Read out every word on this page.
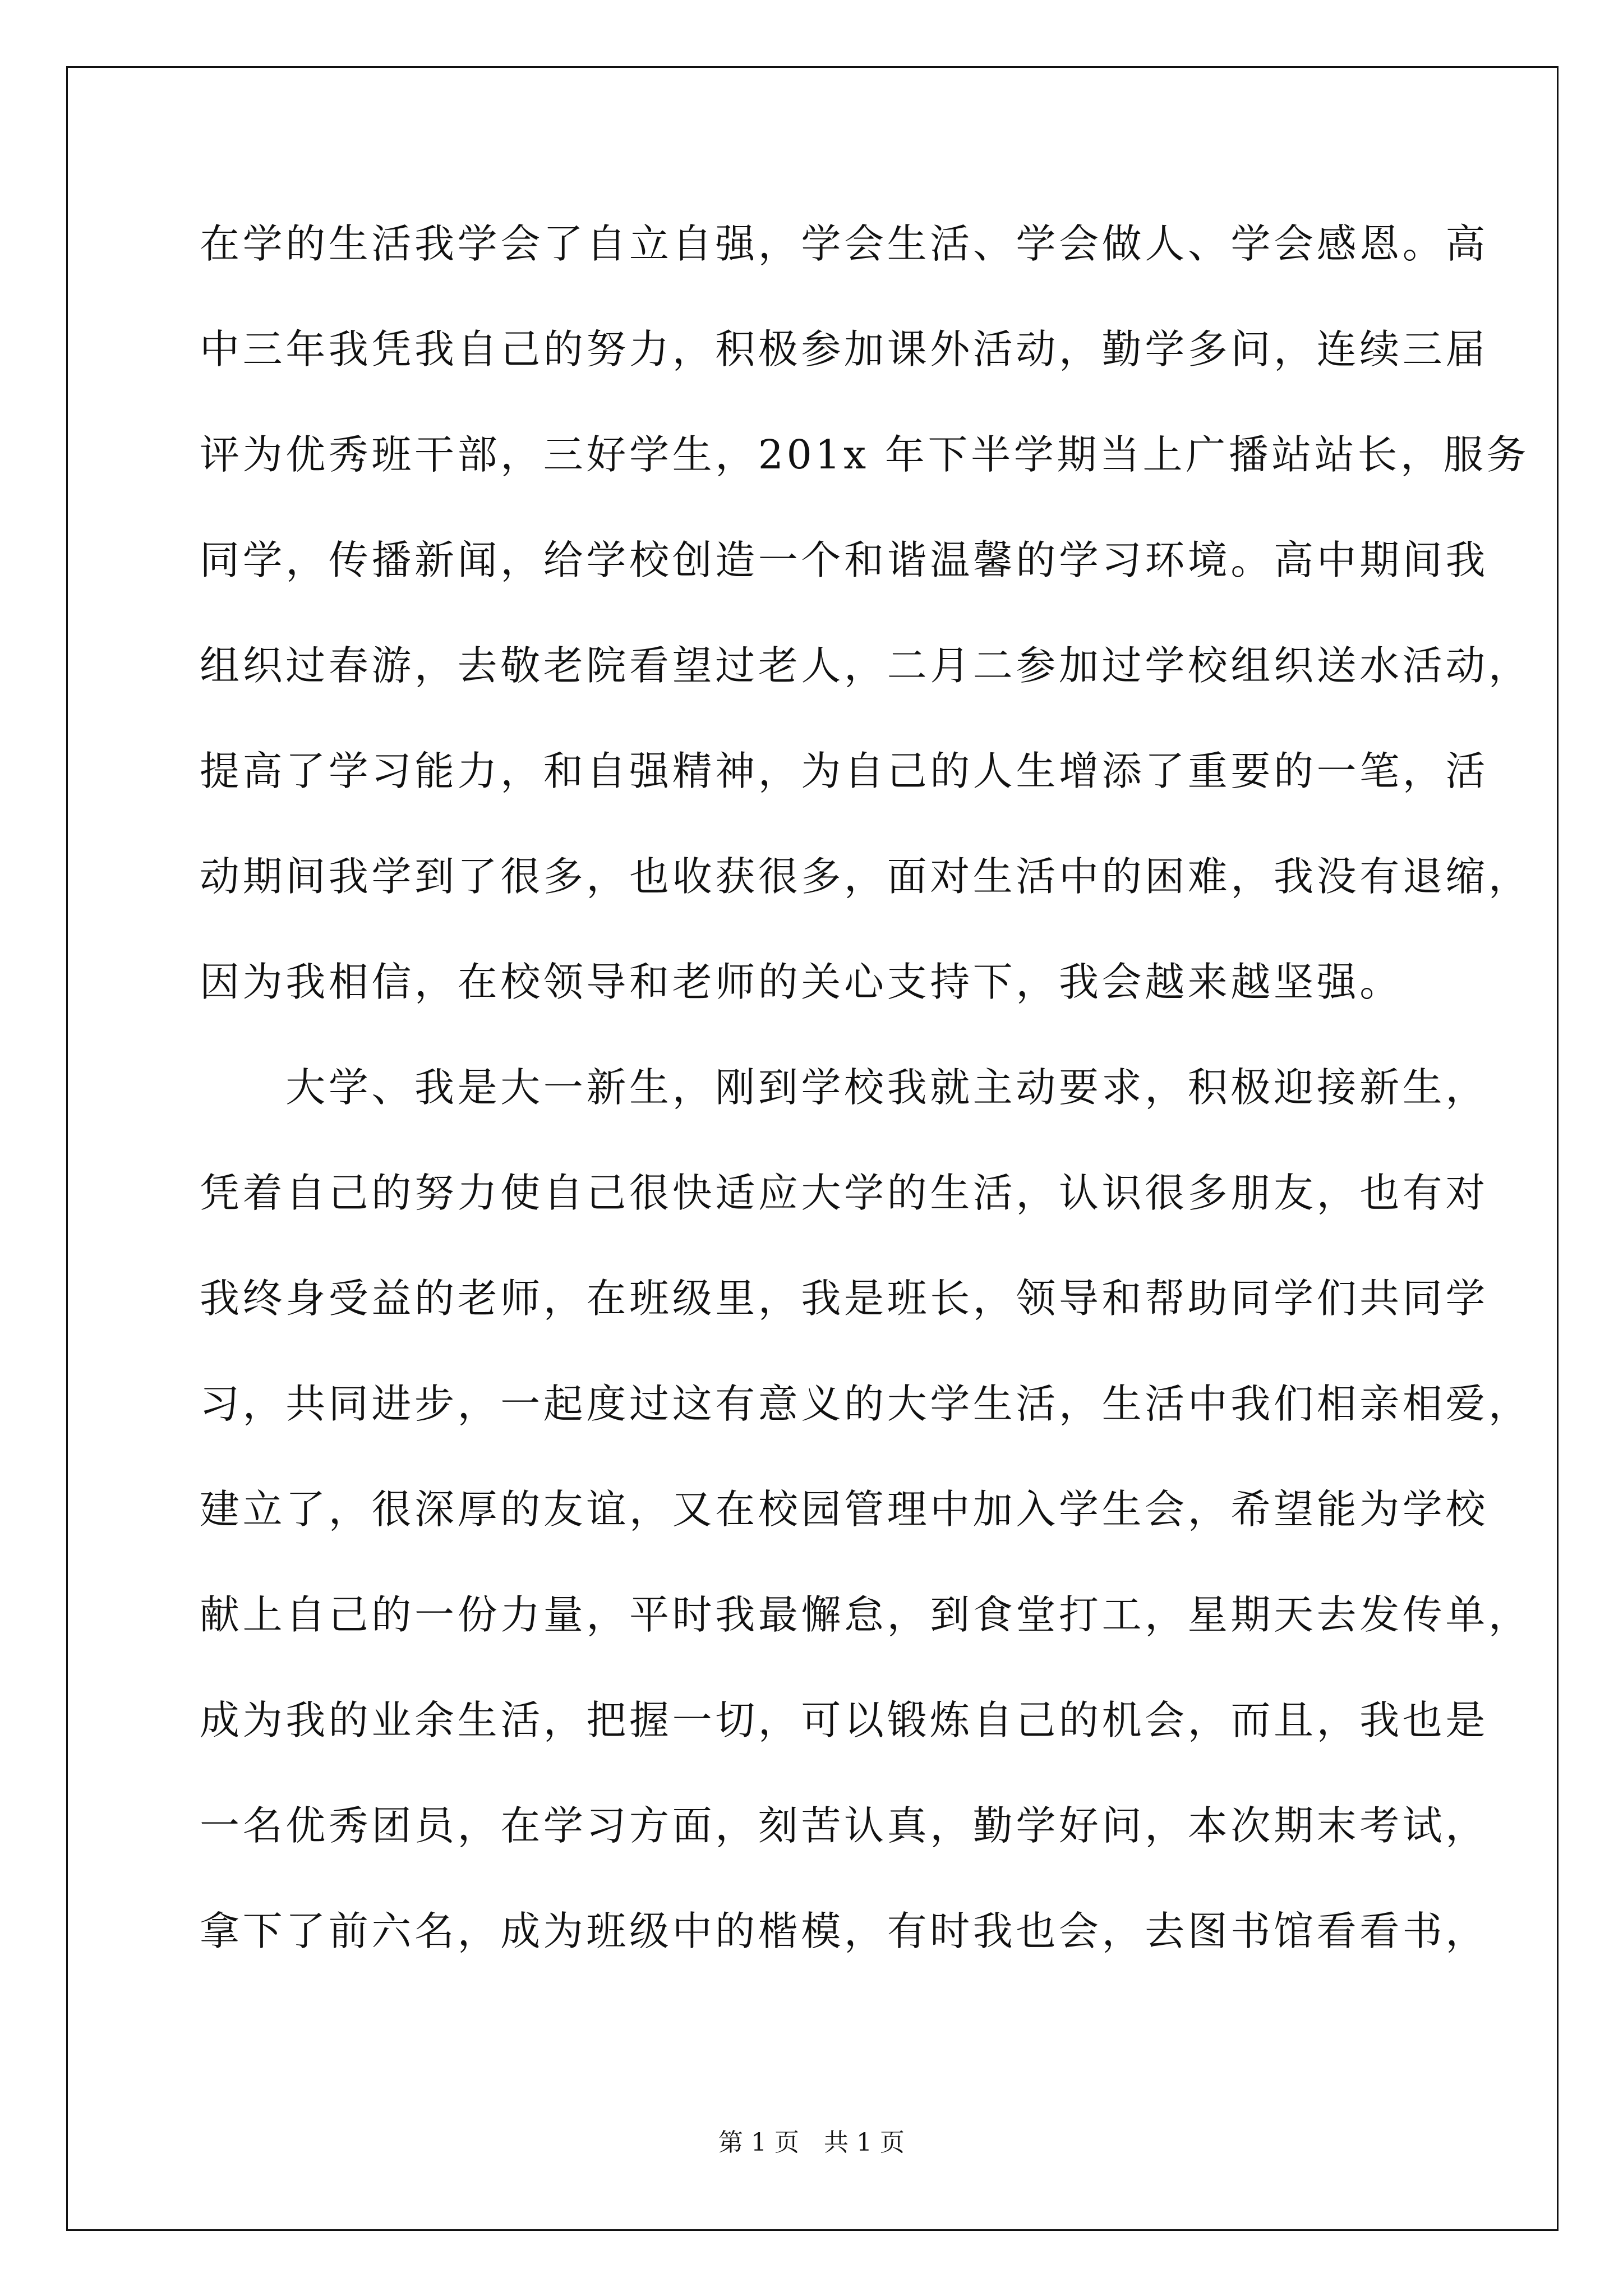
在学的生活我学会了自立自强，学会生活、学会做人、学会感恩。高
中三年我凭我自己的努力，积极参加课外活动，勤学多问，连续三届
评为优秀班干部，三好学生，201x 年下半学期当上广播站站长，服务
同学，传播新闻，给学校创造一个和谐温馨的学习环境。高中期间我
组织过春游，去敬老院看望过老人，二月二参加过学校组织送水活动，
提高了学习能力，和自强精神，为自己的人生增添了重要的一笔，活
动期间我学到了很多，也收获很多，面对生活中的困难，我没有退缩，
因为我相信，在校领导和老师的关心支持下，我会越来越坚强。
　　大学、我是大一新生，刚到学校我就主动要求，积极迎接新生，
凭着自己的努力使自己很快适应大学的生活，认识很多朋友，也有对
我终身受益的老师，在班级里，我是班长，领导和帮助同学们共同学
习，共同进步，一起度过这有意义的大学生活，生活中我们相亲相爱，
建立了，很深厚的友谊，又在校园管理中加入学生会，希望能为学校
献上自己的一份力量，平时我最懈怠，到食堂打工，星期天去发传单，
成为我的业余生活，把握一切，可以锻炼自己的机会，而且，我也是
一名优秀团员，在学习方面，刻苦认真，勤学好问，本次期末考试，
拿下了前六名，成为班级中的楷模，有时我也会，去图书馆看看书，
第 1 页　共 1 页
